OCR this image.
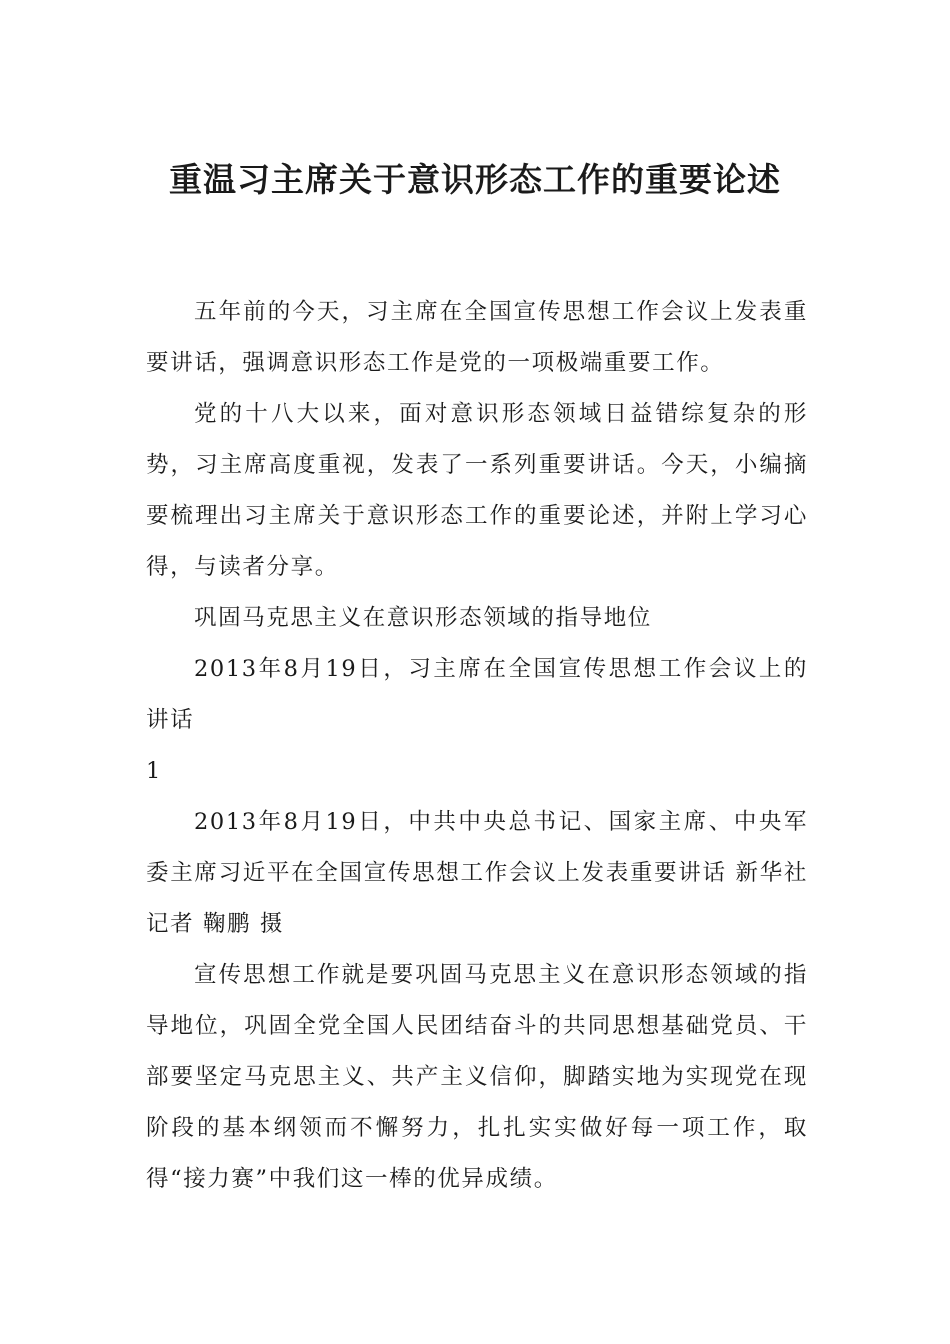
重温习主席关于意识形态工作的重要论述

五年前的今天，习主席在全国宣传思想工作会议上发表重要讲话，强调意识形态工作是党的一项极端重要工作。

党的十八大以来，面对意识形态领域日益错综复杂的形势，习主席高度重视，发表了一系列重要讲话。今天，小编摘要梳理出习主席关于意识形态工作的重要论述，并附上学习心得，与读者分享。

巩固马克思主义在意识形态领域的指导地位

2013年8月19日，习主席在全国宣传思想工作会议上的讲话

1

2013年8月19日，中共中央总书记、国家主席、中央军委主席习近平在全国宣传思想工作会议上发表重要讲话 新华社记者 鞠鹏 摄

宣传思想工作就是要巩固马克思主义在意识形态领域的指导地位，巩固全党全国人民团结奋斗的共同思想基础党员、干部要坚定马克思主义、共产主义信仰，脚踏实地为实现党在现阶段的基本纲领而不懈努力，扎扎实实做好每一项工作，取得“接力赛”中我们这一棒的优异成绩。
